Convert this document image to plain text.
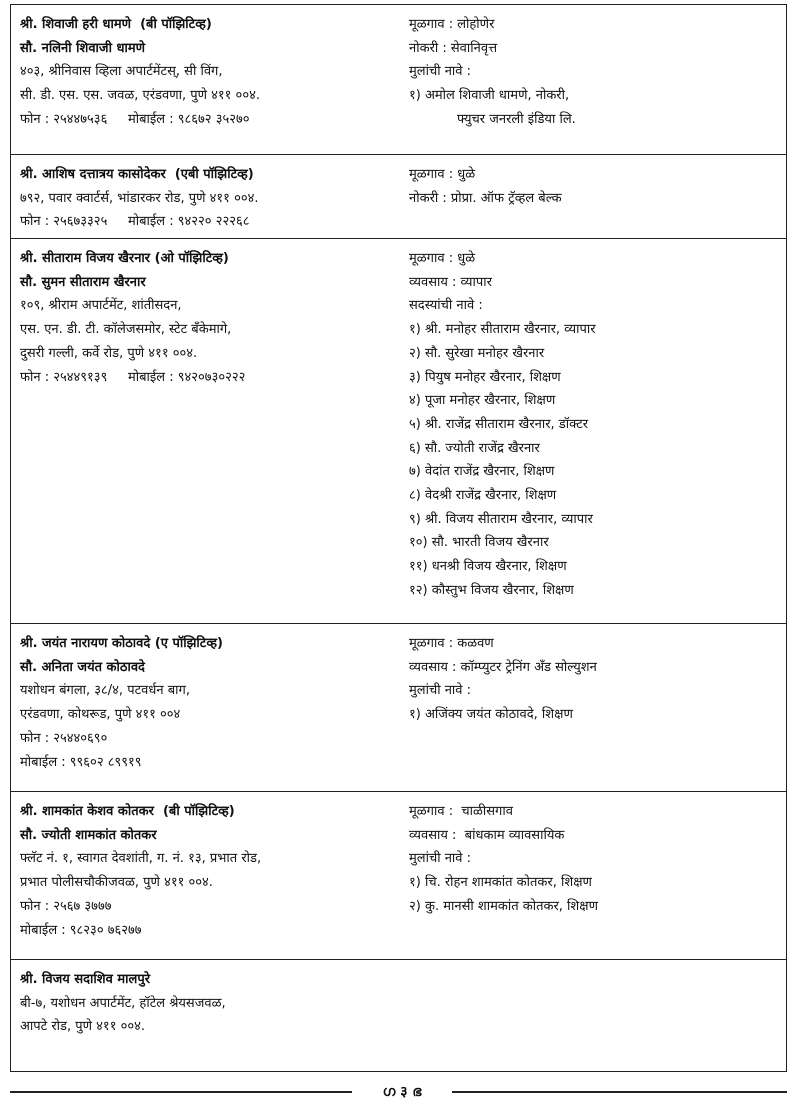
श्री. शिवाजी हरी धामणे  (बी पॉझिटिव्ह)
सौ. नलिनी शिवाजी धामणे
४०३, श्रीनिवास व्हिला अपार्टमेंटस्, सी विंग,
सी. डी. एस. एस. जवळ, एरंडवणा, पुणे ४११ ००४.
फोन : २५४४७५३६     मोबाईल : ९८६७२ ३५२७०
मूळगाव : लोहोणेर
नोकरी : सेवानिवृत्त
मुलांची नावे :
१) अमोल शिवाजी धामणे, नोकरी,
फ्युचर जनरली इंडिया लि.
श्री. आशिष दत्तात्रय कासोदेकर  (एबी पॉझिटिव्ह)
७९२, पवार क्वार्टर्स, भांडारकर रोड, पुणे ४११ ००४.
फोन : २५६७३३२५     मोबाईल : ९४२२० २२२६८
मूळगाव : धुळे
नोकरी : प्रोप्रा. ऑफ ट्रॅव्हल बेल्क
श्री. सीताराम विजय खैरनार (ओ पॉझिटिव्ह)
सौ. सुमन सीताराम खैरनार
१०९, श्रीराम अपार्टमेंट, शांतीसदन,
एस. एन. डी. टी. कॉलेजसमोर, स्टेट बँकेमागे,
दुसरी गल्ली, कर्वे रोड, पुणे ४११ ००४.
फोन : २५४४९१३९     मोबाईल : ९४२०७३०२२२
मूळगाव : धुळे
व्यवसाय : व्यापार
सदस्यांची नावे :
१) श्री. मनोहर सीताराम खैरनार, व्यापार
२) सौ. सुरेखा मनोहर खैरनार
३) पियुष मनोहर खैरनार, शिक्षण
४) पूजा मनोहर खैरनार, शिक्षण
५) श्री. राजेंद्र सीताराम खैरनार, डॉक्टर
६) सौ. ज्योती राजेंद्र खैरनार
७) वेदांत राजेंद्र खैरनार, शिक्षण
८) वेदश्री राजेंद्र खैरनार, शिक्षण
९) श्री. विजय सीताराम खैरनार, व्यापार
१०) सौ. भारती विजय खैरनार
११) धनश्री विजय खैरनार, शिक्षण
१२) कौस्तुभ विजय खैरनार, शिक्षण
श्री. जयंत नारायण कोठावदे (ए पॉझिटिव्ह)
सौ. अनिता जयंत कोठावदे
यशोधन बंगला, ३८/४, पटवर्धन बाग,
एरंडवणा, कोथरूड, पुणे ४११ ००४
फोन : २५४४०६९०
मोबाईल : ९९६०२ ८९९१९
मूळगाव : कळवण
व्यवसाय : कॉम्प्युटर ट्रेनिंग अँड सोल्युशन
मुलांची नावे :
१) अजिंक्य जयंत कोठावदे, शिक्षण
श्री. शामकांत केशव कोतकर  (बी पॉझिटिव्ह)
सौ. ज्योती शामकांत कोतकर
फ्लॅट नं. १, स्वागत देवशांती, ग. नं. १३, प्रभात रोड,
प्रभात पोलीसचौकीजवळ, पुणे ४११ ००४.
फोन : २५६७ ३७७७
मोबाईल : ९८२३० ७६२७७
मूळगाव :  चाळीसगाव
व्यवसाय :  बांधकाम व्यावसायिक
मुलांची नावे :
१) चि. रोहन शामकांत कोतकर, शिक्षण
२) कु. मानसी शामकांत कोतकर, शिक्षण
श्री. विजय सदाशिव मालपुरे
बी-७, यशोधन अपार्टमेंट, हॉटेल श्रेयसजवळ,
आपटे रोड, पुणे ४११ ००४.
ഗ ३ ഭ
